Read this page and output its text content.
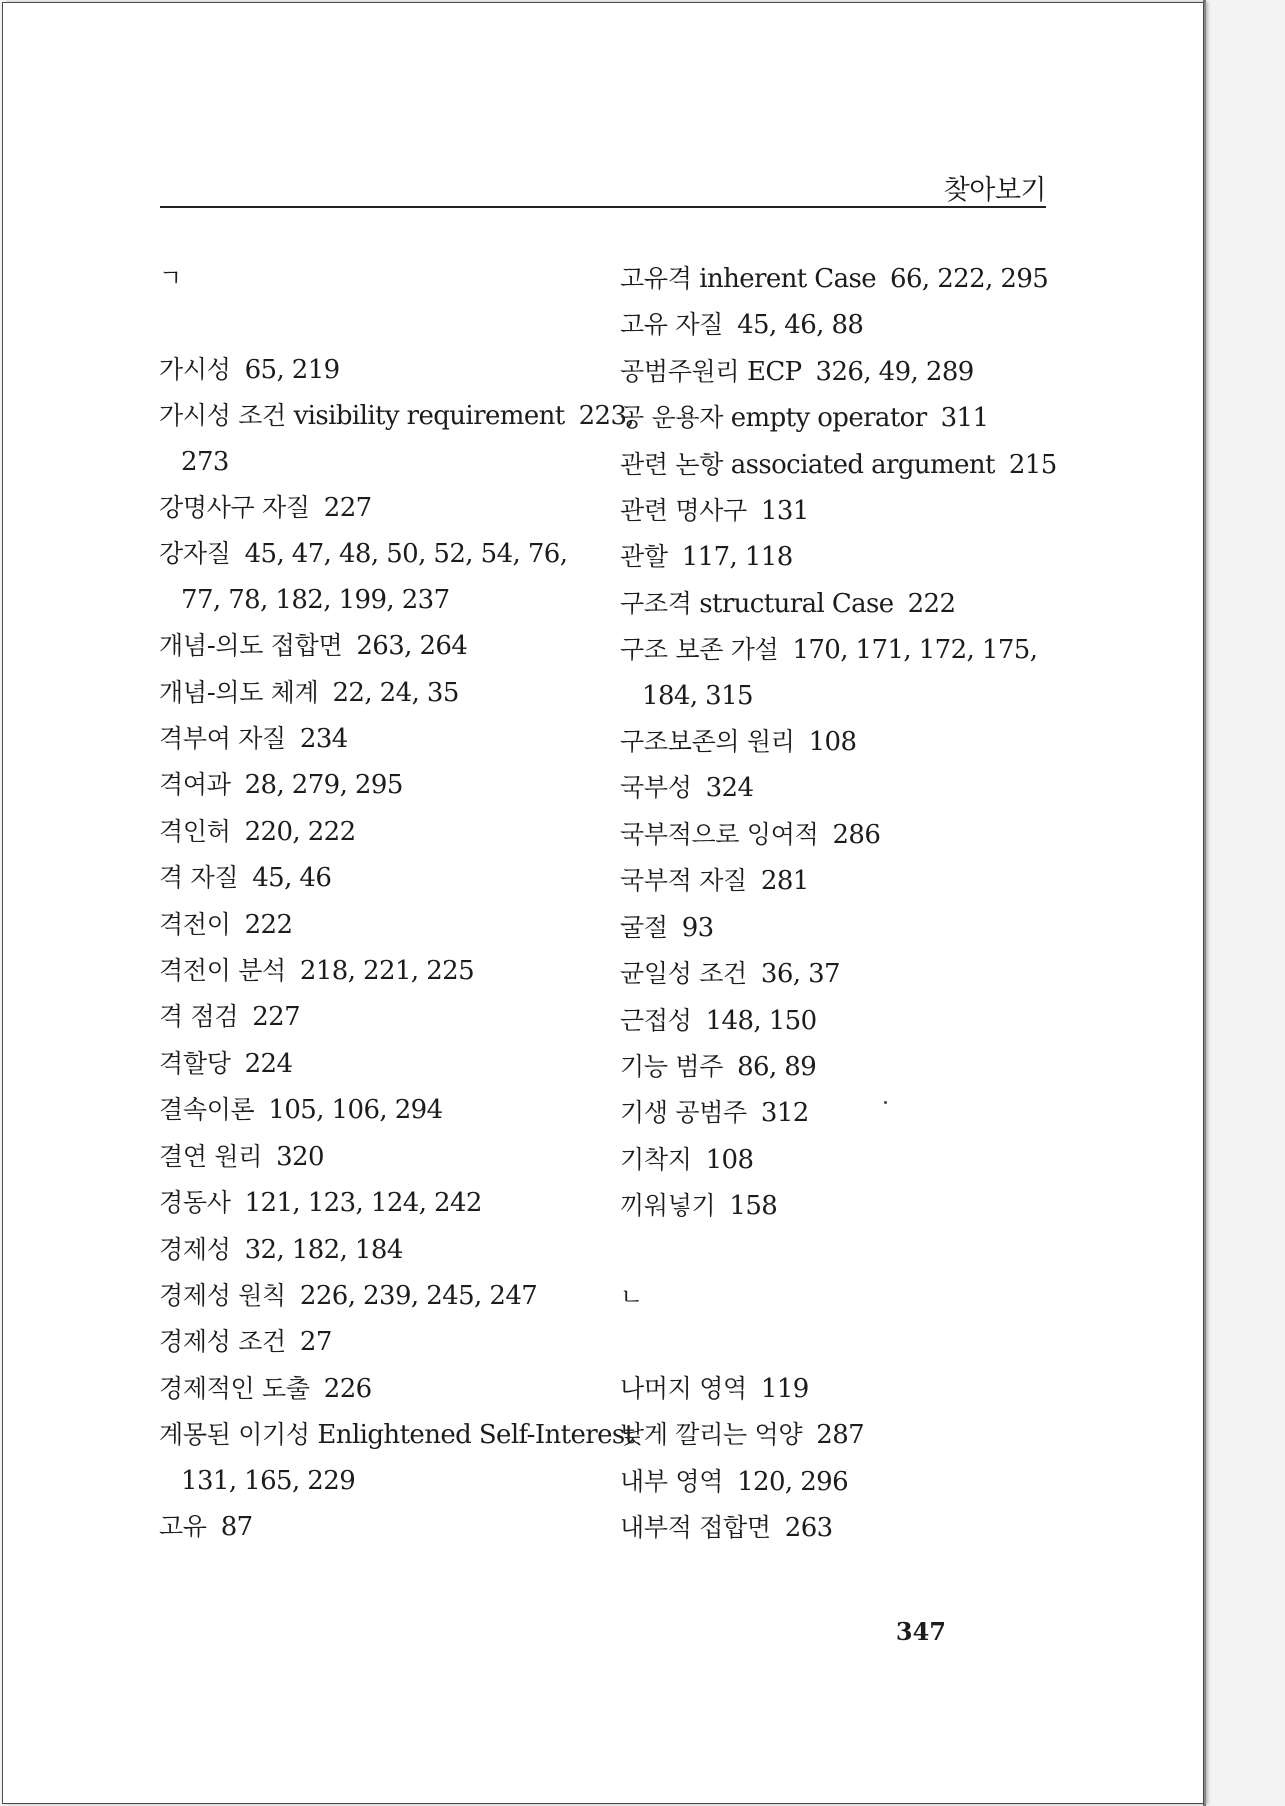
찾아보기
ㄱ
가시성 65, 219
가시성 조건 visibility requirement 223,
273
강명사구 자질 227
강자질 45, 47, 48, 50, 52, 54, 76,
77, 78, 182, 199, 237
개념-의도 접합면 263, 264
개념-의도 체계 22, 24, 35
격부여 자질 234
격여과 28, 279, 295
격인허 220, 222
격 자질 45, 46
격전이 222
격전이 분석 218, 221, 225
격 점검 227
격할당 224
결속이론 105, 106, 294
결연 원리 320
경동사 121, 123, 124, 242
경제성 32, 182, 184
경제성 원칙 226, 239, 245, 247
경제성 조건 27
경제적인 도출 226
계몽된 이기성 Enlightened Self-Interest
131, 165, 229
고유 87
고유격 inherent Case 66, 222, 295
고유 자질 45, 46, 88
공범주원리 ECP 326, 49, 289
공 운용자 empty operator 311
관련 논항 associated argument 215
관련 명사구 131
관할 117, 118
구조격 structural Case 222
구조 보존 가설 170, 171, 172, 175,
184, 315
구조보존의 원리 108
국부성 324
국부적으로 잉여적 286
국부적 자질 281
굴절 93
균일성 조건 36, 37
근접성 148, 150
기능 범주 86, 89
기생 공범주 312
기착지 108
끼워넣기 158
ㄴ
나머지 영역 119
낮게 깔리는 억양 287
내부 영역 120, 296
내부적 접합면 263
347
